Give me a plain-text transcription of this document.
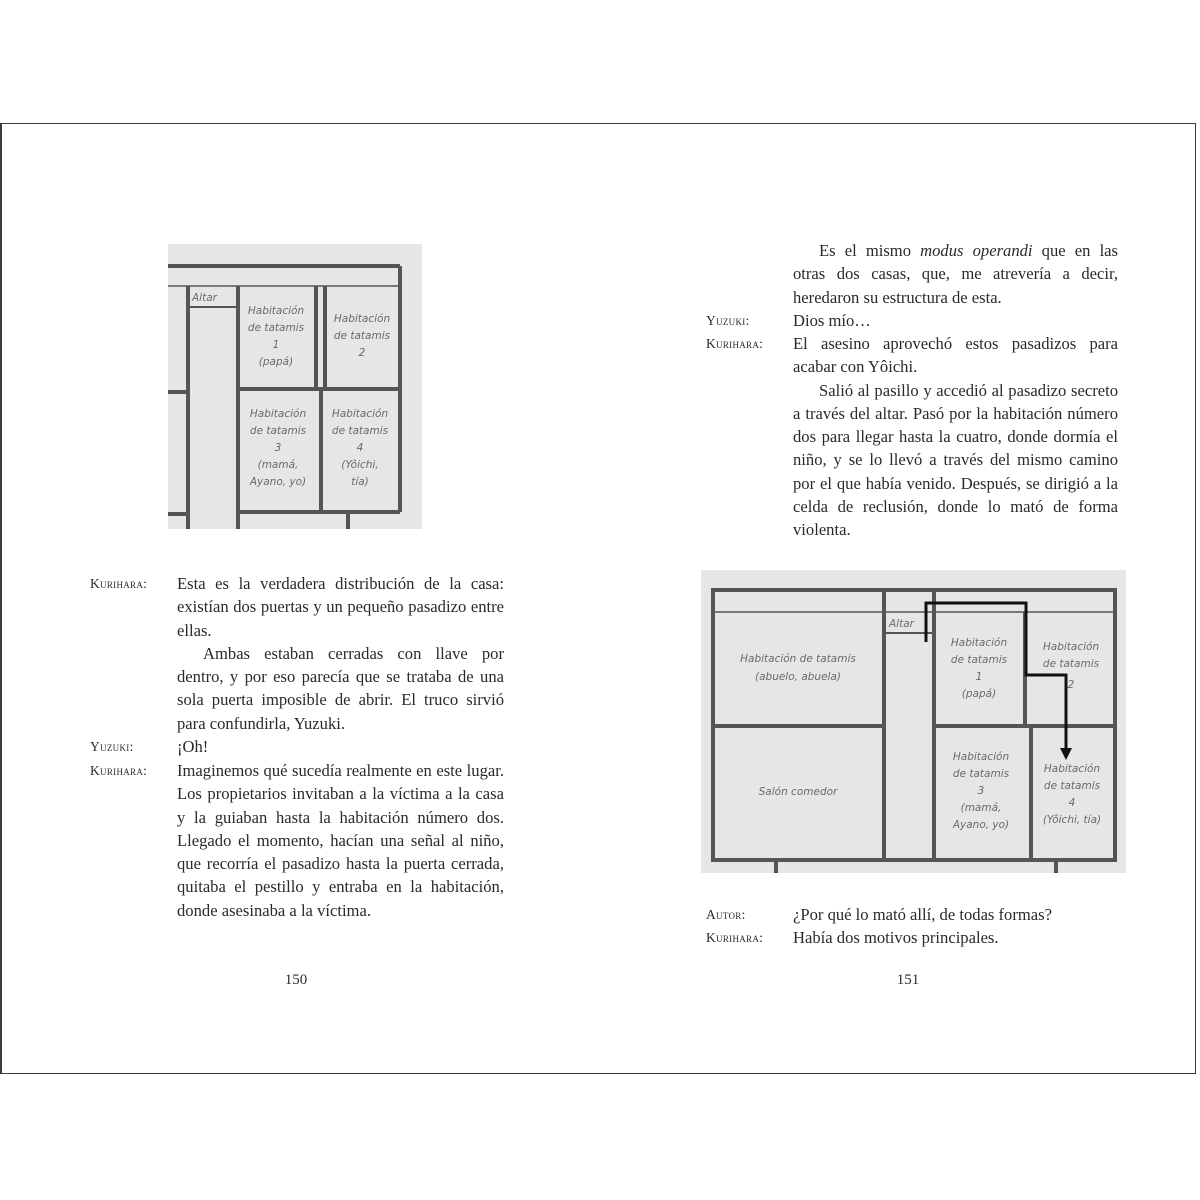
Altar
Habitación
de tatamis
1
(papá)
Habitación
de tatamis
2
Habitación
de tatamis
3
(mamá,
Ayano, yo)
Habitación
de tatamis
4
(Yôichi,
tía)
Kurihara: Esta es la verdadera distribución de la casa: existían dos puertas y un pequeño pasadizo entre ellas.

Ambas estaban cerradas con llave por dentro, y por eso parecía que se trataba de una sola puerta imposible de abrir. El truco sirvió para confundirla, Yuzuki.

Yuzuki:	¡Oh!

Kurihara: Imaginemos qué sucedía realmente en este lugar. Los propietarios invitaban a la víctima a la casa y la guiaban hasta la habitación número dos. Llegado el momento, hacían una señal al niño, que recorría el pasadizo hasta la puerta cerrada, quitaba el pestillo y entraba en la habitación, donde asesinaba a la víctima.

150

Es el mismo modus operandi que en las otras dos casas, que, me atrevería a decir, heredaron su estructura de esta.

Yuzuki:	Dios mío…

Kurihara: El asesino aprovechó estos pasadizos para acabar con Yôichi.

Salió al pasillo y accedió al pasadizo secreto a través del altar. Pasó por la habitación número dos para llegar hasta la cuatro, donde dormía el niño, y se lo llevó a través del mismo camino por el que había venido. Después, se dirigió a la celda de reclusión, donde lo mató de forma violenta.

Altar
Habitación de tatamis
(abuelo, abuela)
Salón comedor
Habitación
de tatamis
1
(papá)
Habitación
de tatamis
2
Habitación
de tatamis
3
(mamá,
Ayano, yo)
Habitación
de tatamis
4
(Yôichi, tía)
Autor:	¿Por qué lo mató allí, de todas formas?

Kurihara: Había dos motivos principales.

151
